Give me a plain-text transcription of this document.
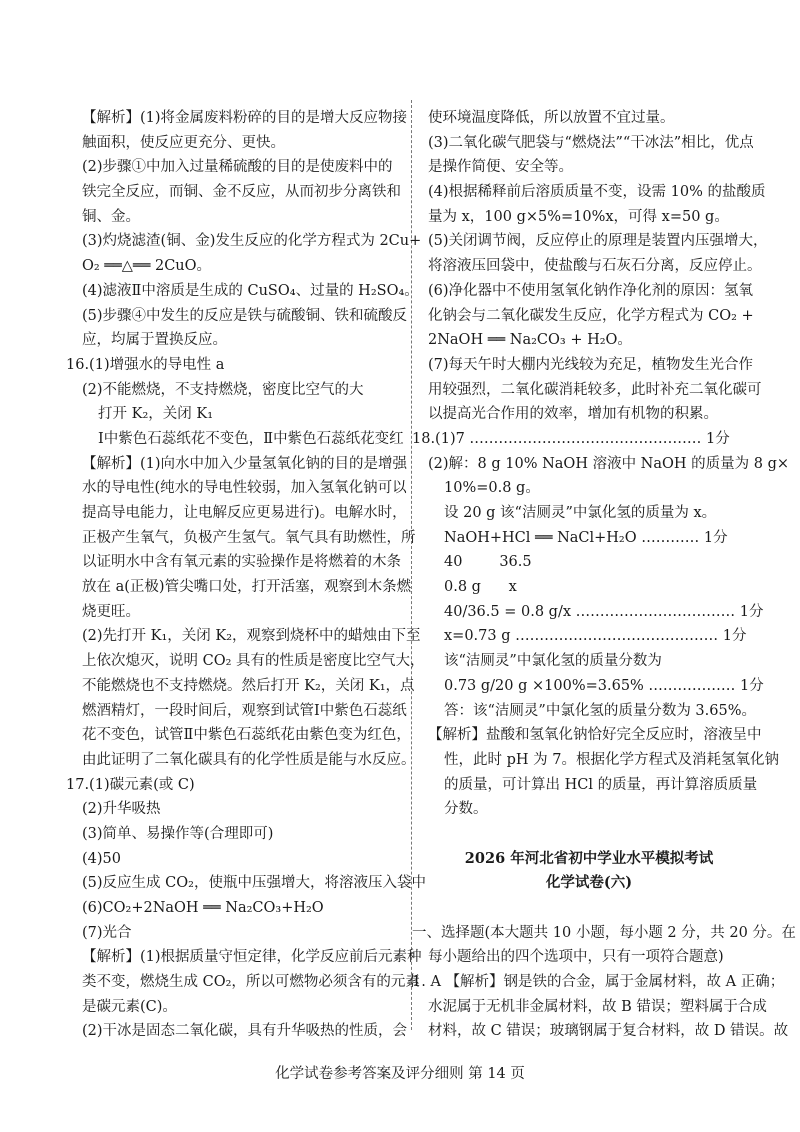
【解析】(1)将金属废料粉碎的目的是增大反应物接
触面积，使反应更充分、更快。
(2)步骤①中加入过量稀硫酸的目的是使废料中的
铁完全反应，而铜、金不反应，从而初步分离铁和
铜、金。
(3)灼烧滤渣(铜、金)发生反应的化学方程式为 2Cu+
O₂ ══△══ 2CuO。
(4)滤液Ⅱ中溶质是生成的 CuSO₄、过量的 H₂SO₄。
(5)步骤④中发生的反应是铁与硫酸铜、铁和硫酸反
应，均属于置换反应。
16.(1)增强水的导电性 a
(2)不能燃烧，不支持燃烧，密度比空气的大
打开 K₂，关闭 K₁
Ⅰ中紫色石蕊纸花不变色，Ⅱ中紫色石蕊纸花变红
【解析】(1)向水中加入少量氢氧化钠的目的是增强
水的导电性(纯水的导电性较弱，加入氢氧化钠可以
提高导电能力，让电解反应更易进行)。电解水时，
正极产生氧气，负极产生氢气。氧气具有助燃性，所
以证明水中含有氧元素的实验操作是将燃着的木条
放在 a(正极)管尖嘴口处，打开活塞，观察到木条燃
烧更旺。
(2)先打开 K₁，关闭 K₂，观察到烧杯中的蜡烛由下至
上依次熄灭，说明 CO₂ 具有的性质是密度比空气大，
不能燃烧也不支持燃烧。然后打开 K₂，关闭 K₁，点
燃酒精灯，一段时间后，观察到试管Ⅰ中紫色石蕊纸
花不变色，试管Ⅱ中紫色石蕊纸花由紫色变为红色，
由此证明了二氧化碳具有的化学性质是能与水反应。
17.(1)碳元素(或 C)
(2)升华吸热
(3)简单、易操作等(合理即可)
(4)50
(5)反应生成 CO₂，使瓶中压强增大，将溶液压入袋中
(6)CO₂+2NaOH ══ Na₂CO₃+H₂O
(7)光合
【解析】(1)根据质量守恒定律，化学反应前后元素种
类不变，燃烧生成 CO₂，所以可燃物必须含有的元素
是碳元素(C)。
(2)干冰是固态二氧化碳，具有升华吸热的性质，会
使环境温度降低，所以放置不宜过量。
(3)二氧化碳气肥袋与“燃烧法”“干冰法”相比，优点
是操作简便、安全等。
(4)根据稀释前后溶质质量不变，设需 10% 的盐酸质
量为 x，100 g×5%=10%x，可得 x=50 g。
(5)关闭调节阀，反应停止的原理是装置内压强增大，
将溶液压回袋中，使盐酸与石灰石分离，反应停止。
(6)净化器中不使用氢氧化钠作净化剂的原因：氢氧
化钠会与二氧化碳发生反应，化学方程式为 CO₂ +
2NaOH ══ Na₂CO₃ + H₂O。
(7)每天午时大棚内光线较为充足，植物发生光合作
用较强烈，二氧化碳消耗较多，此时补充二氧化碳可
以提高光合作用的效率，增加有机物的积累。
18.(1)7 ………………………………………… 1分
(2)解：8 g 10% NaOH 溶液中 NaOH 的质量为 8 g×
10%=0.8 g。
设 20 g 该“洁厕灵”中氯化氢的质量为 x。
NaOH+HCl ══ NaCl+H₂O ………… 1分
40        36.5
0.8 g      x
40/36.5 = 0.8 g/x …………………………… 1分
x=0.73 g …………………………………… 1分
该“洁厕灵”中氯化氢的质量分数为
0.73 g/20 g ×100%=3.65% ……………… 1分
答：该“洁厕灵”中氯化氢的质量分数为 3.65%。
【解析】盐酸和氢氧化钠恰好完全反应时，溶液呈中
性，此时 pH 为 7。根据化学方程式及消耗氢氧化钠
的质量，可计算出 HCl 的质量，再计算溶质质量
分数。
2026 年河北省初中学业水平模拟考试
化学试卷(六)
一、选择题(本大题共 10 小题，每小题 2 分，共 20 分。在
每小题给出的四个选项中，只有一项符合题意)
1. A 【解析】钢是铁的合金，属于金属材料，故 A 正确；
水泥属于无机非金属材料，故 B 错误；塑料属于合成
材料，故 C 错误；玻璃钢属于复合材料，故 D 错误。故
化学试卷参考答案及评分细则 第 14 页
